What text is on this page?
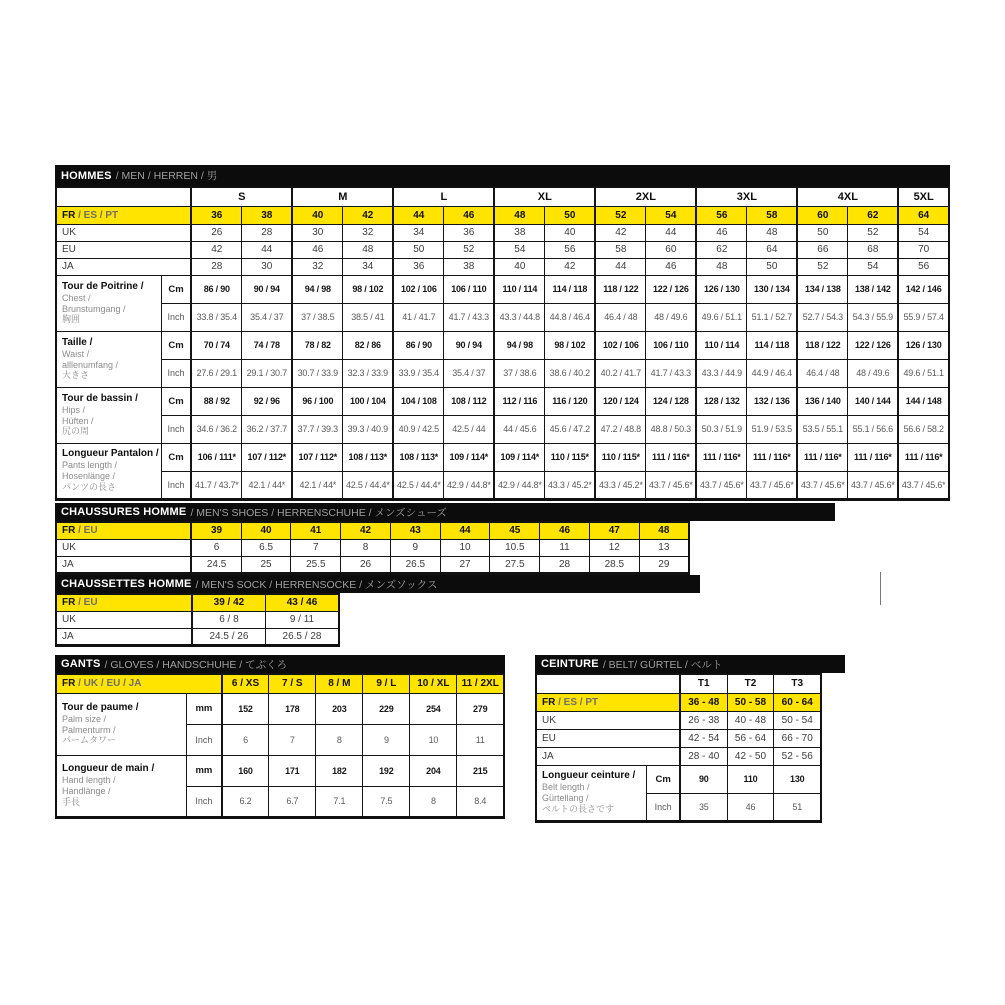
HOMMES / MEN / HERREN / 男
		S		M		L		XL		2XL		3XL		4XL		5XL
FR / ES / PT		36	38	40	42	44	46	48	50	52	54	56	58	60	62	64
UK		26	28	30	32	34	36	38	40	42	44	46	48	50	52	54
EU		42	44	46	48	50	52	54	56	58	60	62	64	66	68	70
JA		28	30	32	34	36	38	40	42	44	46	48	50	52	54	56

Tour de Poitrine /
Chest /
Brunstumgang /
胸囲	Cm	86 / 90	90 / 94	94 / 98	98 / 102	102 / 106	106 / 110	110 / 114	114 / 118	118 / 122	122 / 126	126 / 130	130 / 134	134 / 138	138 / 142	142 / 146
	Inch	33.8 / 35.4	35.4 / 37	37 / 38.5	38.5 / 41	41 / 41.7	41.7 / 43.3	43.3 / 44.8	44.8 / 46.4	46.4 / 48	48 / 49.6	49.6 / 51.1	51.1 / 52.7	52.7 / 54.3	54.3 / 55.9	55.9 / 57.4

Taille /
Waist /
alllenumfang /
大きさ	Cm	70 / 74	74 / 78	78 / 82	82 / 86	86 / 90	90 / 94	94 / 98	98 / 102	102 / 106	106 / 110	110 / 114	114 / 118	118 / 122	122 / 126	126 / 130
	Inch	27.6 / 29.1	29.1 / 30.7	30.7 / 33.9	32.3 / 33.9	33.9 / 35.4	35.4 / 37	37 / 38.6	38.6 / 40.2	40.2 / 41.7	41.7 / 43.3	43.3 / 44.9	44.9 / 46.4	46.4 / 48	48 / 49.6	49.6 / 51.1

Tour de bassin /
Hips /
Hüften /
尻の周	Cm	88 / 92	92 / 96	96 / 100	100 / 104	104 / 108	108 / 112	112 / 116	116 / 120	120 / 124	124 / 128	128 / 132	132 / 136	136 / 140	140 / 144	144 / 148
	Inch	34.6 / 36.2	36.2 / 37.7	37.7 / 39.3	39.3 / 40.9	40.9 / 42.5	42.5 / 44	44 / 45.6	45.6 / 47.2	47.2 / 48.8	48.8 / 50.3	50.3 / 51.9	51.9 / 53.5	53.5 / 55.1	55.1 / 56.6	56.6 / 58.2

Longueur Pantalon /
Pants length /
Hosenlänge /
パンツの長さ	Cm	106 / 111*	107 / 112*	107 / 112*	108 / 113*	108 / 113*	109 / 114*	109 / 114*	110 / 115*	110 / 115*	111 / 116*	111 / 116*	111 / 116*	111 / 116*	111 / 116*	111 / 116*
	Inch	41.7 / 43.7*	42.1 / 44*	42.1 / 44*	42.5 / 44.4*	42.5 / 44.4*	42.9 / 44.8*	42.9 / 44.8*	43.3 / 45.2*	43.3 / 45.2*	43.7 / 45.6*	43.7 / 45.6*	43.7 / 45.6*	43.7 / 45.6*	43.7 / 45.6*	43.7 / 45.6*
CHAUSSURES HOMME / MEN'S SHOES / HERRENSCHUHE / メンズシューズ
FR / EU	39	40	41	42	43	44	45	46	47	48
UK	6	6.5	7	8	9	10	10.5	11	12	13
JA	24.5	25	25.5	26	26.5	27	27.5	28	28.5	29
CHAUSSETTES HOMME / MEN'S SOCK / HERRENSOCKE / メンズソックス
FR / EU	39 / 42	43 / 46
UK	6 / 8	9 / 11
JA	24.5 / 26	26.5 / 28
GANTS / GLOVES / HANDSCHUHE / てぶくろ
FR / UK / EU / JA		6 / XS	7 / S	8 / M	9 / L	10 / XL	11 / 2XL

Tour de paume /
Palm size /
Palmenturm /
パームタワー	mm	152	178	203	229	254	279
	Inch	6	7	8	9	10	11

Longueur de main /
Hand length /
Handlänge /
手長	mm	160	171	182	192	204	215
	Inch	6.2	6.7	7.1	7.5	8	8.4
CEINTURE / BELT/ GÜRTEL / ベルト
		T1	T2	T3
FR / ES / PT		36 - 48	50 - 58	60 - 64
UK		26 - 38	40 - 48	50 - 54
EU		42 - 54	56 - 64	66 - 70
JA		28 - 40	42 - 50	52 - 56

Longueur ceinture /
Belt length /
Gürtellang /
ベルトの長さです	Cm	90	110	130
	Inch	35	46	51
